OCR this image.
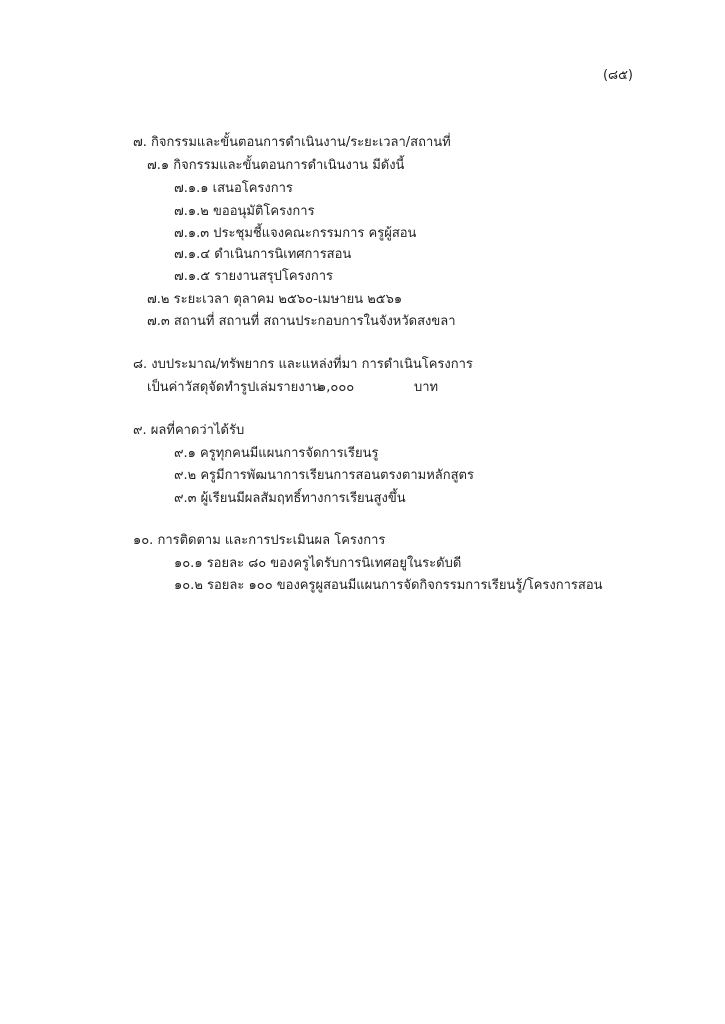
(๘๕)
๗. กิจกรรมและขั้นตอนการดำเนินงาน/ระยะเวลา/สถานที่
๗.๑ กิจกรรมและขั้นตอนการดำเนินงาน มีดังนี้
๗.๑.๑ เสนอโครงการ
๗.๑.๒ ขออนุมัติโครงการ
๗.๑.๓ ประชุมชี้แจงคณะกรรมการ ครูผู้สอน
๗.๑.๔ ดำเนินการนิเทศการสอน
๗.๑.๕ รายงานสรุปโครงการ
๗.๒ ระยะเวลา ตุลาคม ๒๕๖๐-เมษายน ๒๕๖๑
๗.๓ สถานที่ สถานที่ สถานประกอบการในจังหวัดสงขลา
๘. งบประมาณ/ทรัพยากร และแหล่งที่มา การดำเนินโครงการ
เป็นค่าวัสดุจัดทำรูปเล่มรายงาน
๑,๐๐๐	บาท
๙. ผลที่คาดว่าได้รับ
๙.๑ ครูทุกคนมีแผนการจัดการเรียนรู
๙.๒ ครูมีการพัฒนาการเรียนการสอนตรงตามหลักสูตร
๙.๓ ผู้เรียนมีผลสัมฤทธิ์ทางการเรียนสูงขึ้น
๑๐. การติดตาม และการประเมินผล โครงการ
๑๐.๑ รอยละ ๘๐ ของครูไดรับการนิเทศอยูในระดับดี
๑๐.๒ รอยละ ๑๐๐ ของครูผูสอนมีแผนการจัดกิจกรรมการเรียนรู้/โครงการสอน
